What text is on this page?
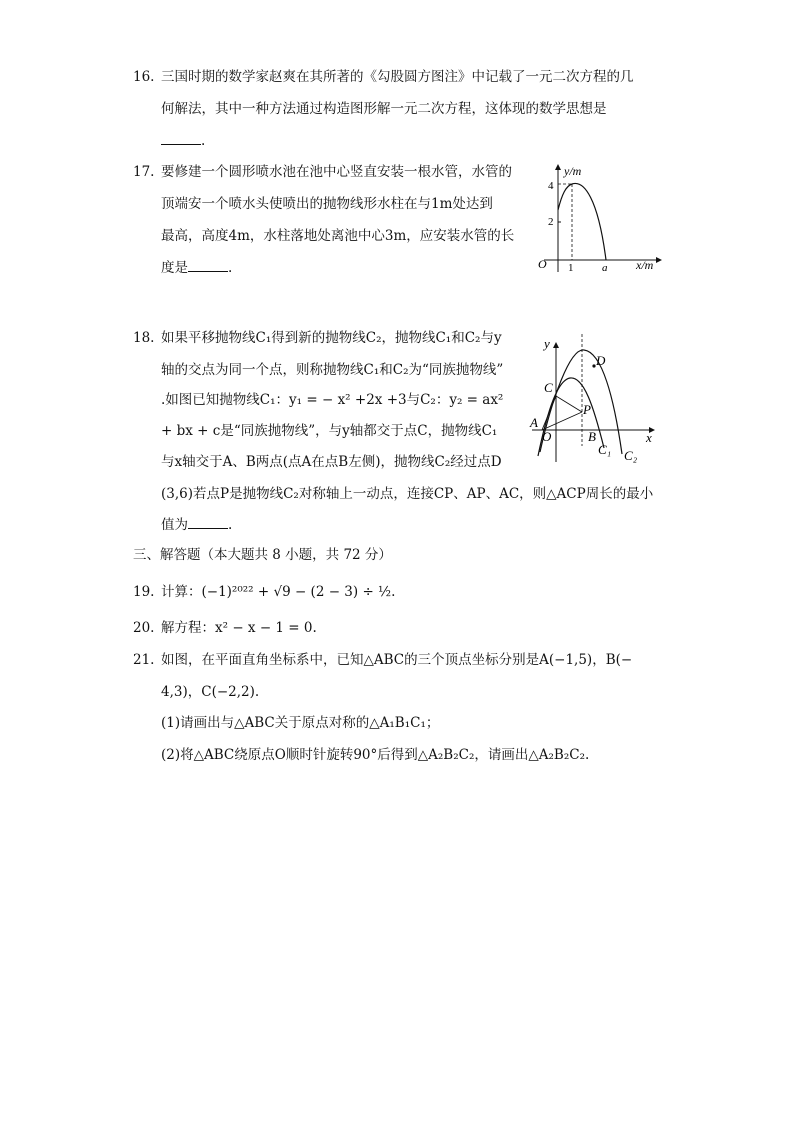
16. 三国时期的数学家赵爽在其所著的《勾股圆方图注》中记载了一元二次方程的几
何解法，其中一种方法通过构造图形解一元二次方程，这体现的数学思想是
.
17. 要修建一个圆形喷水池在池中心竖直安装一根水管，水管的
顶端安一个喷水头使喷出的抛物线形水柱在与1m处达到
最高，高度4m，水柱落地处离池中心3m，应安装水管的长
度是	.
y/m
x/m
O
4
2
1	a
18. 如果平移抛物线C₁得到新的抛物线C₂，抛物线C₁和C₂与y
轴的交点为同一个点，则称抛物线C₁和C₂为“同族抛物线”
.如图已知抛物线C₁：y₁ = − x² +2x +3与C₂：y₂ = ax²
+ bx + c是“同族抛物线”，与y轴都交于点C，抛物线C₁
与x轴交于A、B两点(点A在点B左侧)，抛物线C₂经过点D
(3,6)若点P是抛物线C₂对称轴上一动点，连接CP、AP、AC，则△ACP周长的最小
值为	.
D
C
P
A
O	B
y
x
C₁ C₂
三、解答题（本大题共 8 小题，共 72 分）
19. 计算：(−1)²⁰²² + √9 − (2 − 3) ÷ ½.
20. 解方程：x² − x − 1 = 0.
21. 如图，在平面直角坐标系中，已知△ABC的三个顶点坐标分别是A(−1,5)，B(−
4,3)，C(−2,2).
(1)请画出与△ABC关于原点对称的△A₁B₁C₁；
(2)将△ABC绕原点O顺时针旋转90°后得到△A₂B₂C₂，请画出△A₂B₂C₂.
